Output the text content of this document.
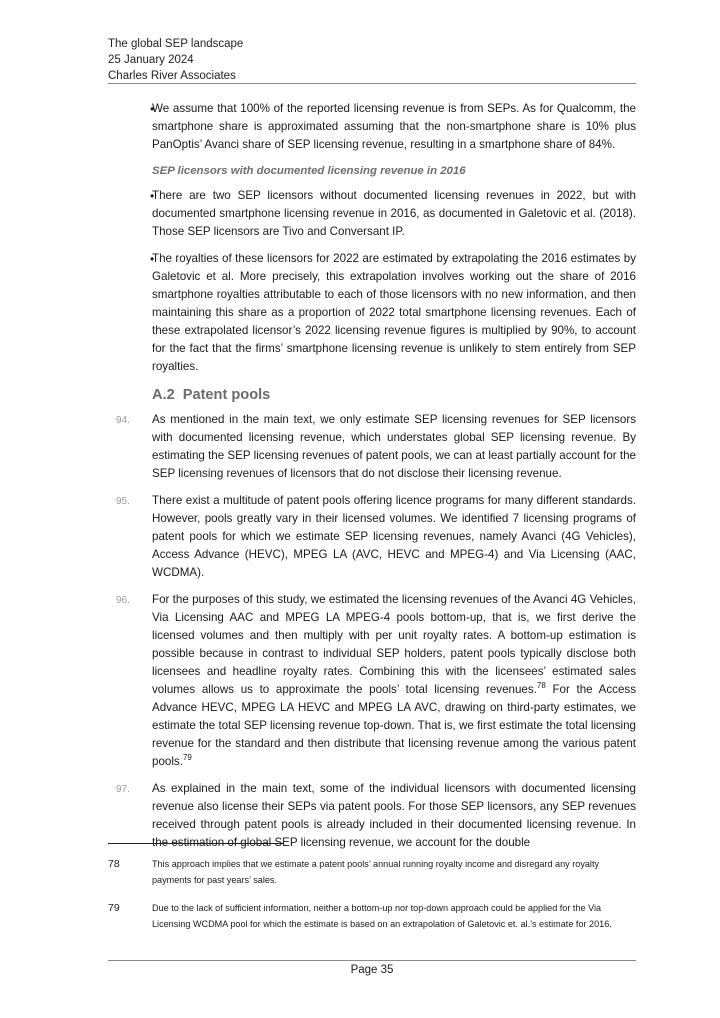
The global SEP landscape
25 January 2024
Charles River Associates
We assume that 100% of the reported licensing revenue is from SEPs. As for Qualcomm, the smartphone share is approximated assuming that the non-smartphone share is 10% plus PanOptis’ Avanci share of SEP licensing revenue, resulting in a smartphone share of 84%.
SEP licensors with documented licensing revenue in 2016
There are two SEP licensors without documented licensing revenues in 2022, but with documented smartphone licensing revenue in 2016, as documented in Galetovic et al. (2018). Those SEP licensors are Tivo and Conversant IP.
The royalties of these licensors for 2022 are estimated by extrapolating the 2016 estimates by Galetovic et al. More precisely, this extrapolation involves working out the share of 2016 smartphone royalties attributable to each of those licensors with no new information, and then maintaining this share as a proportion of 2022 total smartphone licensing revenues. Each of these extrapolated licensor’s 2022 licensing revenue figures is multiplied by 90%, to account for the fact that the firms’ smartphone licensing revenue is unlikely to stem entirely from SEP royalties.
A.2 Patent pools
94. As mentioned in the main text, we only estimate SEP licensing revenues for SEP licensors with documented licensing revenue, which understates global SEP licensing revenue. By estimating the SEP licensing revenues of patent pools, we can at least partially account for the SEP licensing revenues of licensors that do not disclose their licensing revenue.
95. There exist a multitude of patent pools offering licence programs for many different standards. However, pools greatly vary in their licensed volumes. We identified 7 licensing programs of patent pools for which we estimate SEP licensing revenues, namely Avanci (4G Vehicles), Access Advance (HEVC), MPEG LA (AVC, HEVC and MPEG-4) and Via Licensing (AAC, WCDMA).
96. For the purposes of this study, we estimated the licensing revenues of the Avanci 4G Vehicles, Via Licensing AAC and MPEG LA MPEG-4 pools bottom-up, that is, we first derive the licensed volumes and then multiply with per unit royalty rates. A bottom-up estimation is possible because in contrast to individual SEP holders, patent pools typically disclose both licensees and headline royalty rates. Combining this with the licensees’ estimated sales volumes allows us to approximate the pools’ total licensing revenues.$^{78}$ For the Access Advance HEVC, MPEG LA HEVC and MPEG LA AVC, drawing on third-party estimates, we estimate the total SEP licensing revenue top-down. That is, we first estimate the total licensing revenue for the standard and then distribute that licensing revenue among the various patent pools.$^{79}$
97. As explained in the main text, some of the individual licensors with documented licensing revenue also license their SEPs via patent pools. For those SEP licensors, any SEP revenues received through patent pools is already included in their documented licensing revenue. In the estimation of global SEP licensing revenue, we account for the double
78	This approach implies that we estimate a patent pools’ annual running royalty income and disregard any royalty payments for past years’ sales.
79	Due to the lack of sufficient information, neither a bottom-up nor top-down approach could be applied for the Via Licensing WCDMA pool for which the estimate is based on an extrapolation of Galetovic et. al.’s estimate for 2016.
Page 35
